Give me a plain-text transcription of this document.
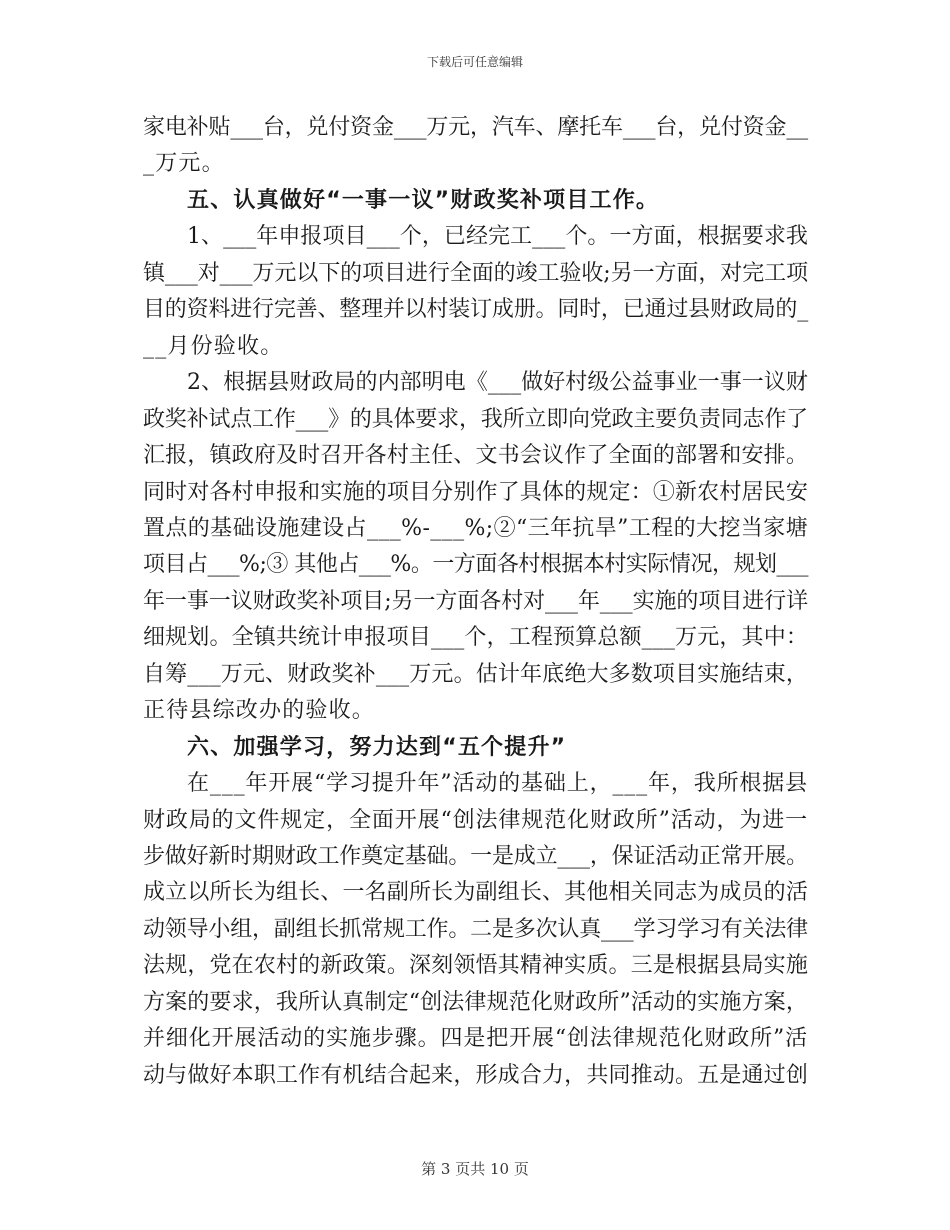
下载后可任意编辑
家电补贴___台，兑付资金___万元，汽车、摩托车___台，兑付资金__
_万元。
五、认真做好“一事一议”财政奖补项目工作。
1、___年申报项目___个，已经完工___个。一方面，根据要求我
镇___对___万元以下的项目进行全面的竣工验收;另一方面，对完工项
目的资料进行完善、整理并以村装订成册。同时，已通过县财政局的_
__月份验收。
2、根据县财政局的内部明电《___做好村级公益事业一事一议财
政奖补试点工作___》的具体要求，我所立即向党政主要负责同志作了
汇报，镇政府及时召开各村主任、文书会议作了全面的部署和安排。
同时对各村申报和实施的项目分别作了具体的规定：①新农村居民安
置点的基础设施建设占___%-___%;②“三年抗旱”工程的大挖当家塘
项目占___%;③ 其他占___%。一方面各村根据本村实际情况，规划___
年一事一议财政奖补项目;另一方面各村对___年___实施的项目进行详
细规划。全镇共统计申报项目___个，工程预算总额___万元，其中：
自筹___万元、财政奖补___万元。估计年底绝大多数项目实施结束，
正待县综改办的验收。
六、加强学习，努力达到“五个提升”
在___年开展“学习提升年”活动的基础上，___年，我所根据县
财政局的文件规定，全面开展“创法律规范化财政所”活动，为进一
步做好新时期财政工作奠定基础。一是成立___，保证活动正常开展。
成立以所长为组长、一名副所长为副组长、其他相关同志为成员的活
动领导小组，副组长抓常规工作。二是多次认真___学习学习有关法律
法规，党在农村的新政策。深刻领悟其精神实质。三是根据县局实施
方案的要求，我所认真制定“创法律规范化财政所”活动的实施方案，
并细化开展活动的实施步骤。四是把开展“创法律规范化财政所”活
动与做好本职工作有机结合起来，形成合力，共同推动。五是通过创
第 3 页共 10 页
